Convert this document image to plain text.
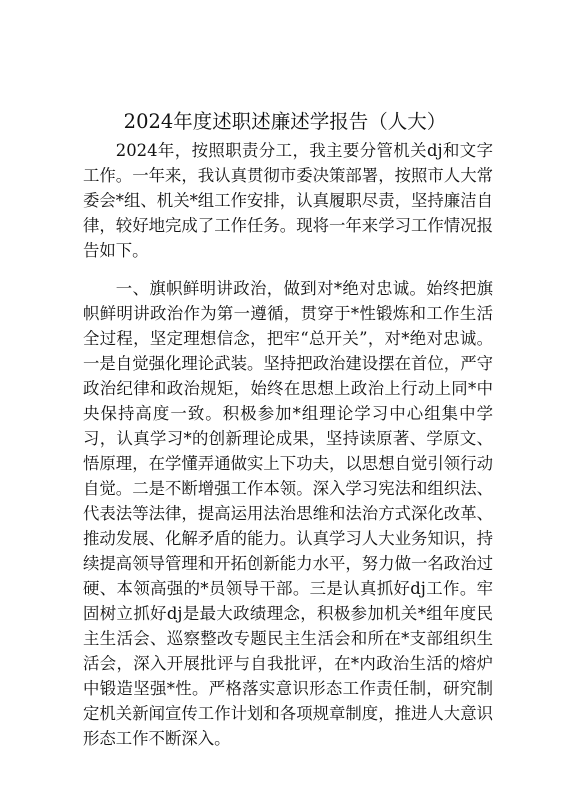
2024年度述职述廉述学报告（人大）

2024年，按照职责分工，我主要分管机关dj和文字工作。一年来，我认真贯彻市委决策部署，按照市人大常委会*组、机关*组工作安排，认真履职尽责，坚持廉洁自律，较好地完成了工作任务。现将一年来学习工作情况报告如下。

一、旗帜鲜明讲政治，做到对*绝对忠诚。始终把旗帜鲜明讲政治作为第一遵循，贯穿于*性锻炼和工作生活全过程，坚定理想信念，把牢“总开关”，对*绝对忠诚。一是自觉强化理论武装。坚持把政治建设摆在首位，严守政治纪律和政治规矩，始终在思想上政治上行动上同*中央保持高度一致。积极参加*组理论学习中心组集中学习，认真学习*的创新理论成果，坚持读原著、学原文、悟原理，在学懂弄通做实上下功夫，以思想自觉引领行动自觉。二是不断增强工作本领。深入学习宪法和组织法、代表法等法律，提高运用法治思维和法治方式深化改革、推动发展、化解矛盾的能力。认真学习人大业务知识，持续提高领导管理和开拓创新能力水平，努力做一名政治过硬、本领高强的*员领导干部。三是认真抓好dj工作。牢固树立抓好dj是最大政绩理念，积极参加机关*组年度民主生活会、巡察整改专题民主生活会和所在*支部组织生活会，深入开展批评与自我批评，在*内政治生活的熔炉中锻造坚强*性。严格落实意识形态工作责任制，研究制定机关新闻宣传工作计划和各项规章制度，推进人大意识形态工作不断深入。
